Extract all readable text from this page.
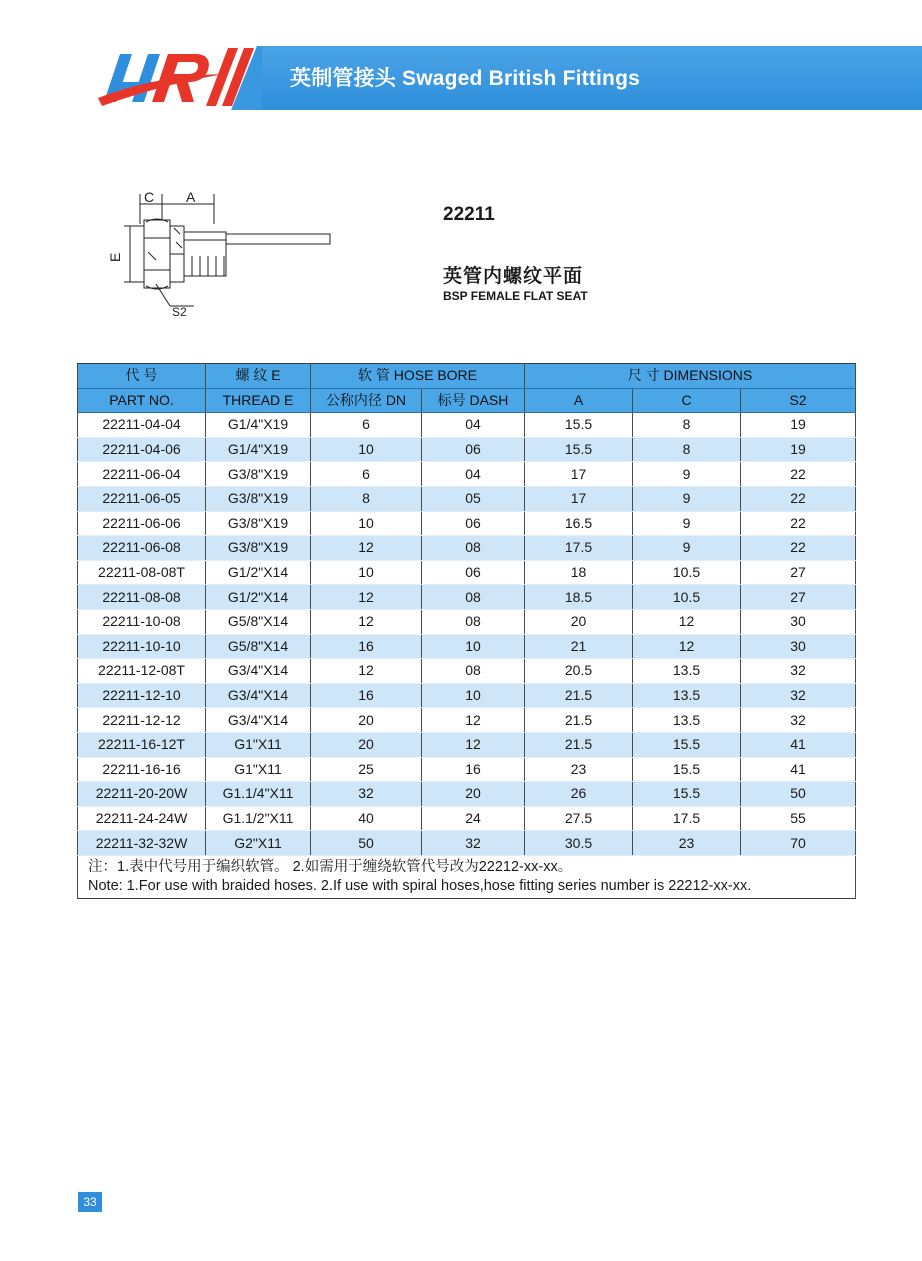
英制管接头 Swaged British Fittings
C A
E
S2
22211
英管内螺纹平面
BSP FEMALE FLAT SEAT
代 号	螺 纹 E	软 管 HOSE BORE		尺 寸 DIMENSIONS		
PART NO.	THREAD E	公称内径 DN	标号 DASH	A	C	S2
22211-04-04	G1/4"X19	6	04	15.5	8	19
22211-04-06	G1/4"X19	10	06	15.5	8	19
22211-06-04	G3/8"X19	6	04	17	9	22
22211-06-05	G3/8"X19	8	05	17	9	22
22211-06-06	G3/8"X19	10	06	16.5	9	22
22211-06-08	G3/8"X19	12	08	17.5	9	22
22211-08-08T	G1/2"X14	10	06	18	10.5	27
22211-08-08	G1/2"X14	12	08	18.5	10.5	27
22211-10-08	G5/8"X14	12	08	20	12	30
22211-10-10	G5/8"X14	16	10	21	12	30
22211-12-08T	G3/4"X14	12	08	20.5	13.5	32
22211-12-10	G3/4"X14	16	10	21.5	13.5	32
22211-12-12	G3/4"X14	20	12	21.5	13.5	32
22211-16-12T	G1"X11	20	12	21.5	15.5	41
22211-16-16	G1"X11	25	16	23	15.5	41
22211-20-20W	G1.1/4"X11	32	20	26	15.5	50
22211-24-24W	G1.1/2"X11	40	24	27.5	17.5	55
22211-32-32W	G2"X11	50	32	30.5	23	70

注：1.表中代号用于编织软管。 2.如需用于缠绕软管代号改为22212-xx-xx。
Note: 1.For use with braided hoses. 2.If use with spiral hoses,hose fitting series number is 22212-xx-xx.						
33
